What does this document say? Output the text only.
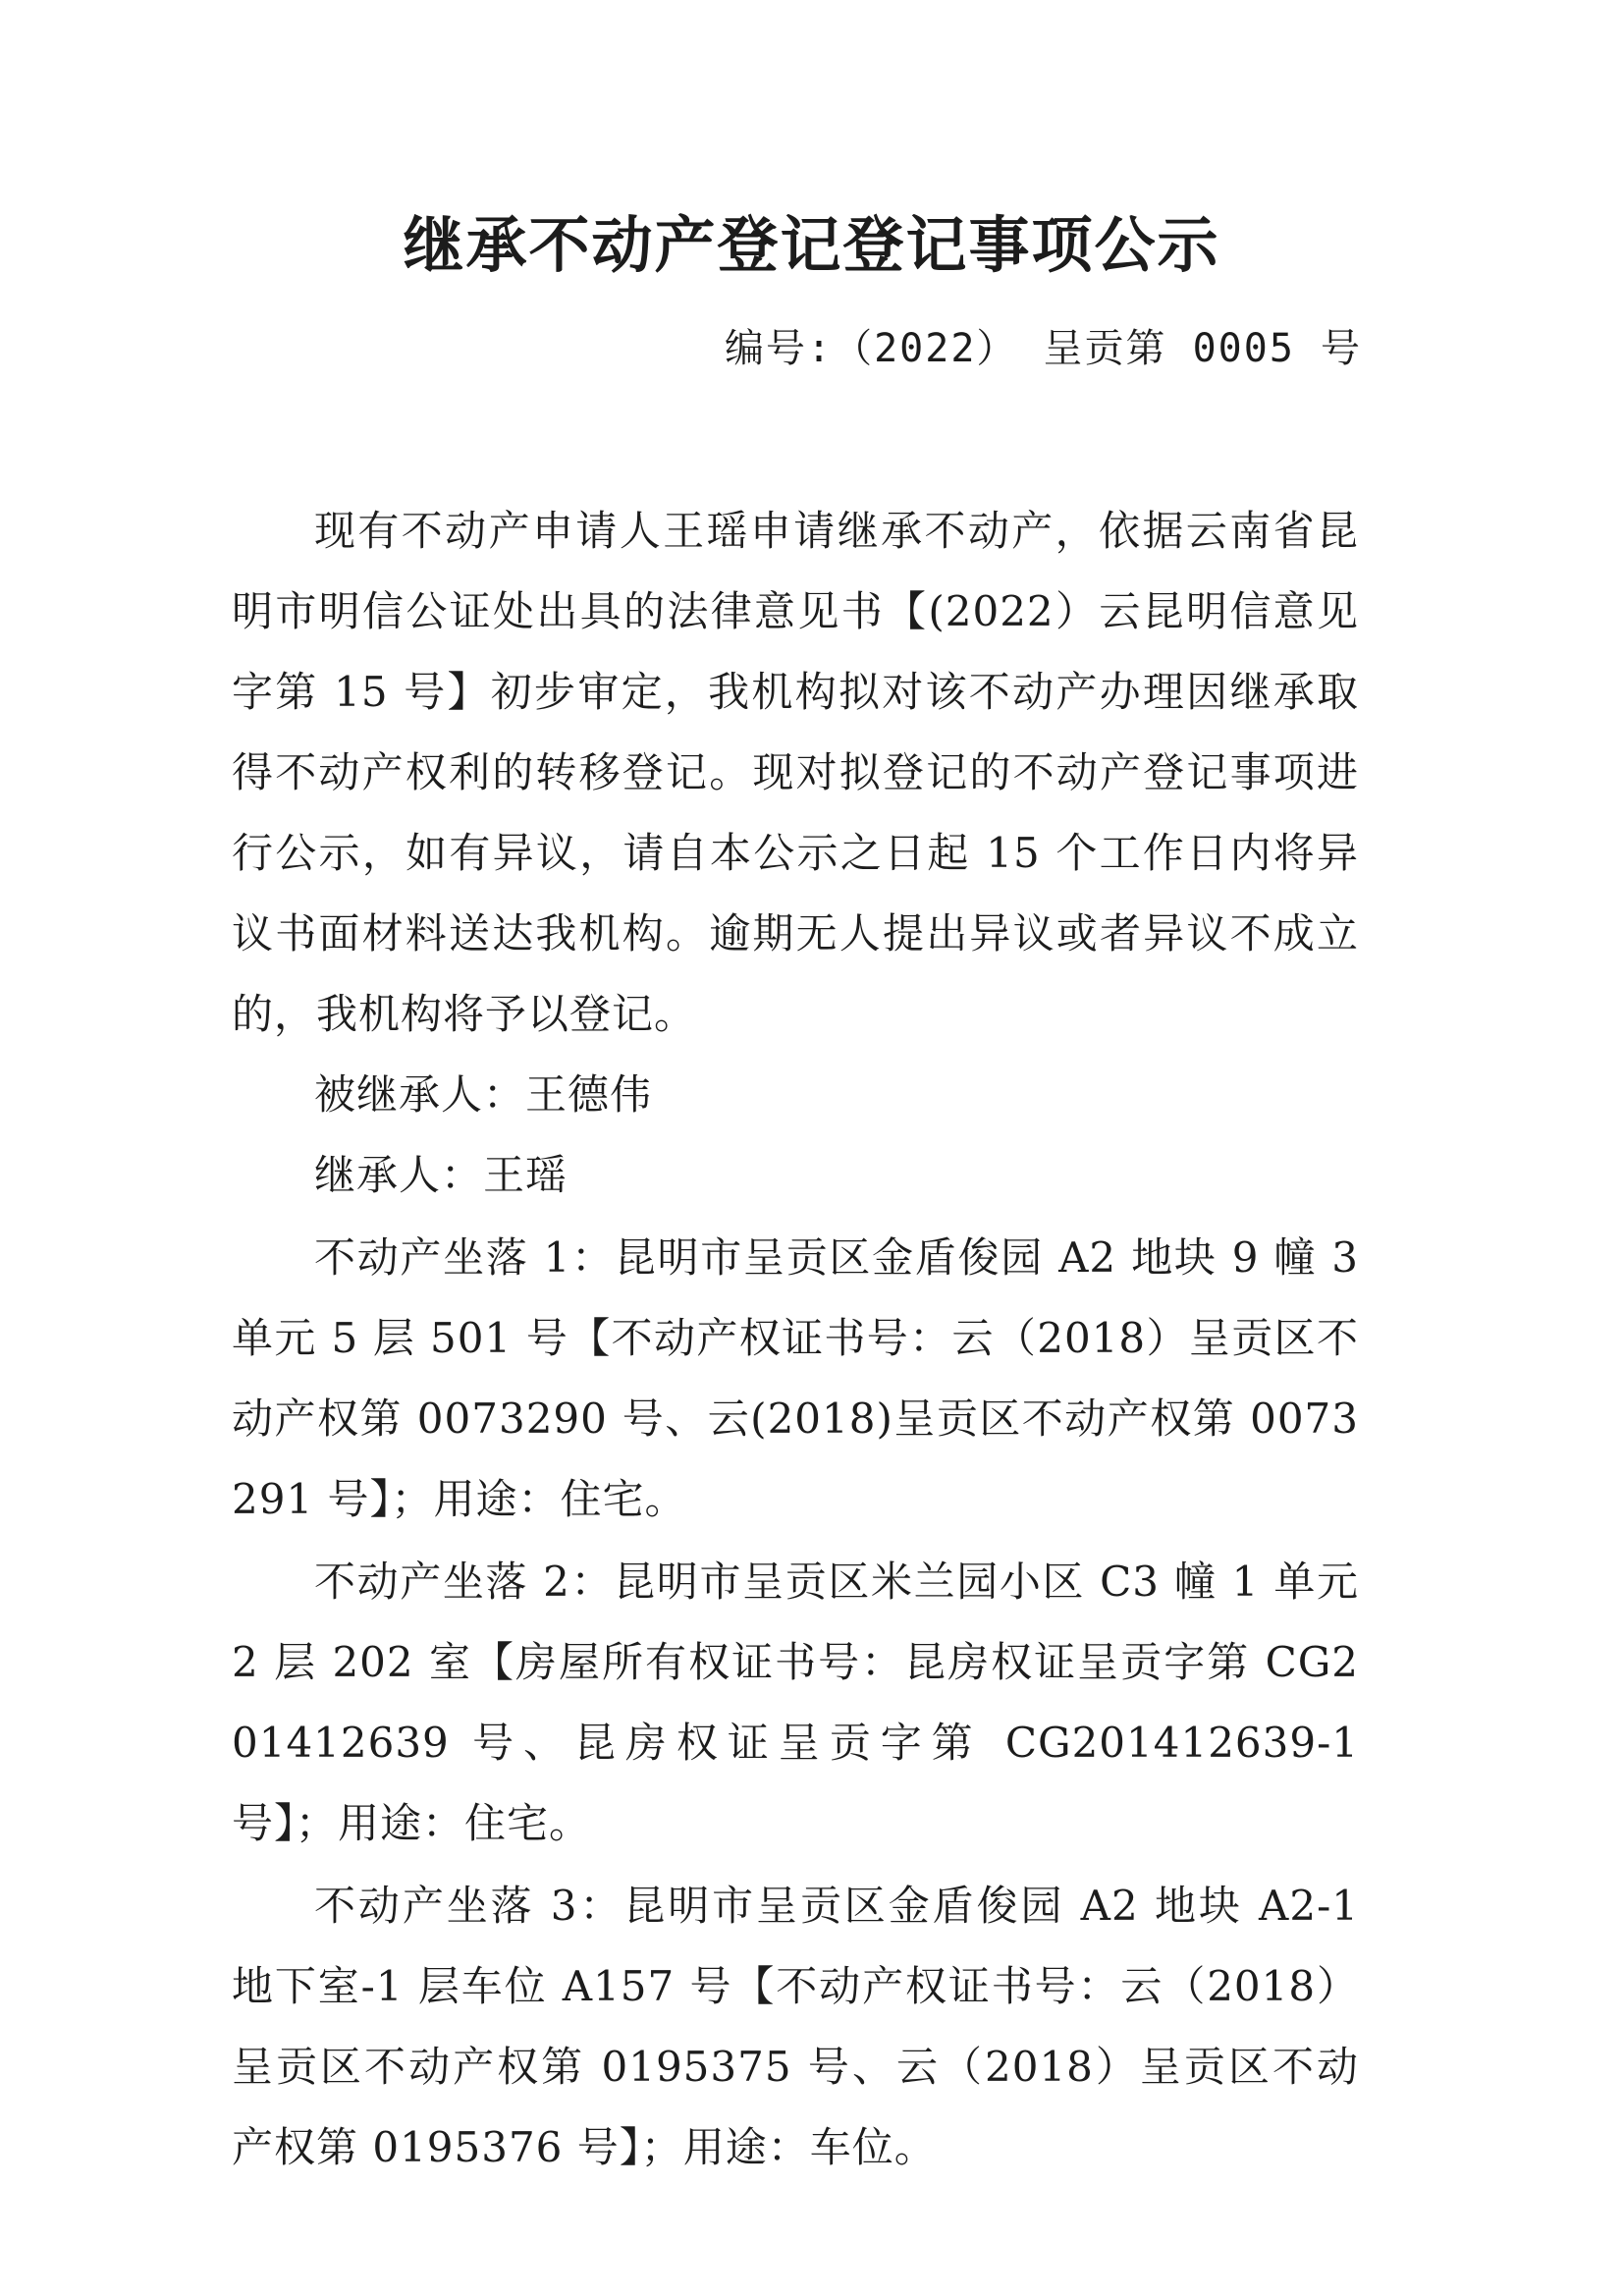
继承不动产登记登记事项公示
编号:（2022） 呈贡第 0005 号

现有不动产申请人王瑶申请继承不动产，依据云南省昆明市明信公证处出具的法律意见书【(2022）云昆明信意见字第 15 号】初步审定，我机构拟对该不动产办理因继承取得不动产权利的转移登记。现对拟登记的不动产登记事项进行公示，如有异议，请自本公示之日起 15 个工作日内将异议书面材料送达我机构。逾期无人提出异议或者异议不成立的，我机构将予以登记。

被继承人：王德伟

继承人：王瑶

不动产坐落 1：昆明市呈贡区金盾俊园 A2 地块 9 幢 3 单元 5 层 501 号【不动产权证书号：云（2018）呈贡区不动产权第 0073290 号、云(2018)呈贡区不动产权第 0073291 号】；用途：住宅。

不动产坐落 2：昆明市呈贡区米兰园小区 C3 幢 1 单元 2 层 202 室【房屋所有权证书号：昆房权证呈贡字第 CG201412639 号、昆房权证呈贡字第 CG201412639-1 号】；用途：住宅。

不动产坐落 3：昆明市呈贡区金盾俊园 A2 地块 A2-1 地下室-1 层车位 A157 号【不动产权证书号：云（2018）呈贡区不动产权第 0195375 号、云（2018）呈贡区不动产权第 0195376 号】；用途：车位。
